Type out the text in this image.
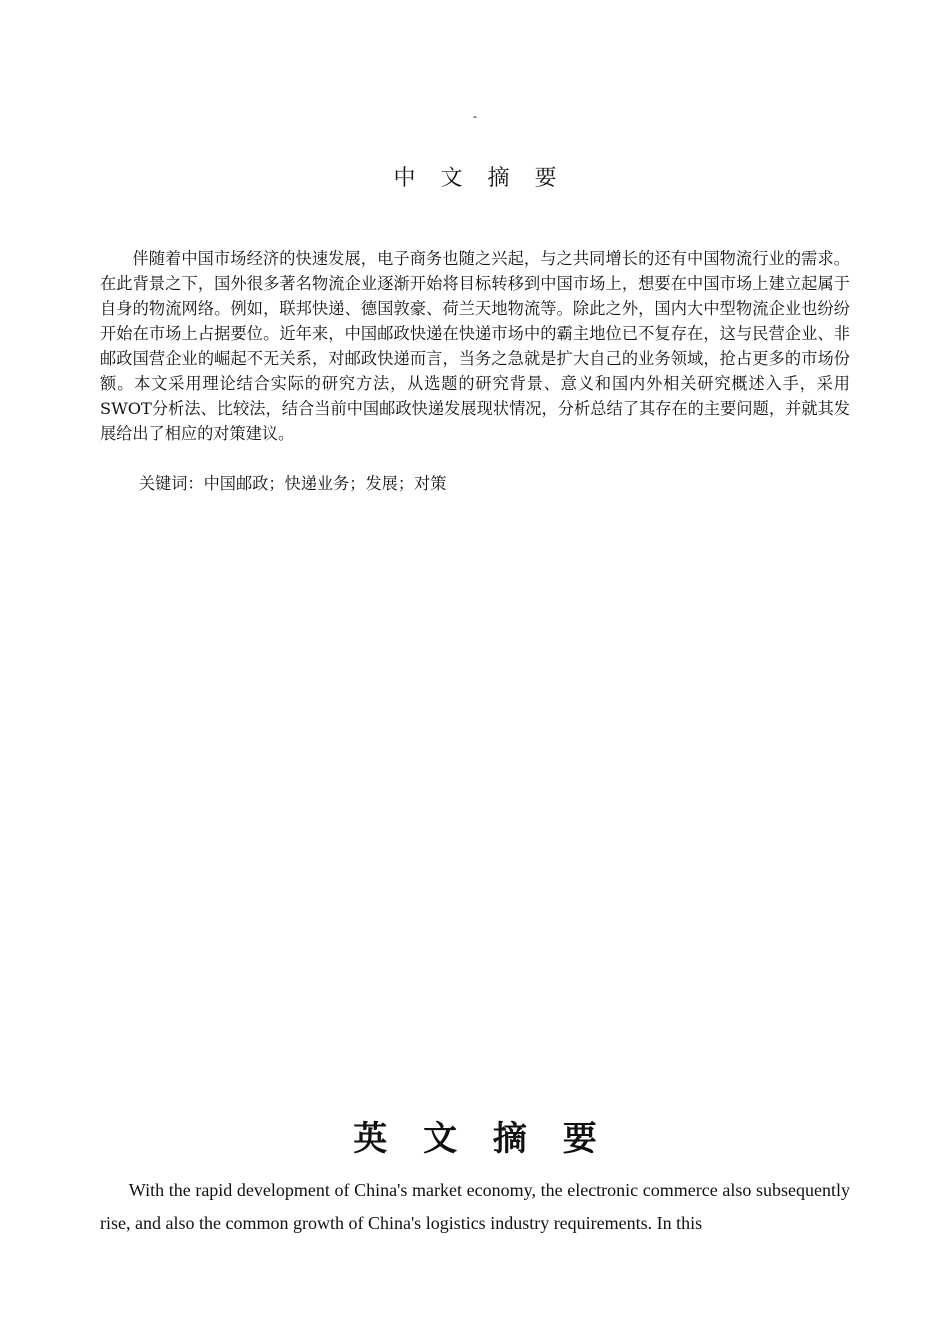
-
中 文 摘 要

伴随着中国市场经济的快速发展，电子商务也随之兴起，与之共同增长的还有中国物流行业的需求。在此背景之下，国外很多著名物流企业逐渐开始将目标转移到中国市场上，想要在中国市场上建立起属于自身的物流网络。例如，联邦快递、德国敦豪、荷兰天地物流等。除此之外，国内大中型物流企业也纷纷开始在市场上占据要位。近年来，中国邮政快递在快递市场中的霸主地位已不复存在，这与民营企业、非邮政国营企业的崛起不无关系，对邮政快递而言，当务之急就是扩大自己的业务领域，抢占更多的市场份额。本文采用理论结合实际的研究方法，从选题的研究背景、意义和国内外相关研究概述入手，采用SWOT分析法、比较法，结合当前中国邮政快递发展现状情况，分析总结了其存在的主要问题，并就其发展给出了相应的对策建议。

关键词：中国邮政；快递业务；发展；对策

英 文 摘 要

With the rapid development of China's market economy, the electronic commerce also subsequently rise, and also the common growth of China's logistics industry requirements. In this
